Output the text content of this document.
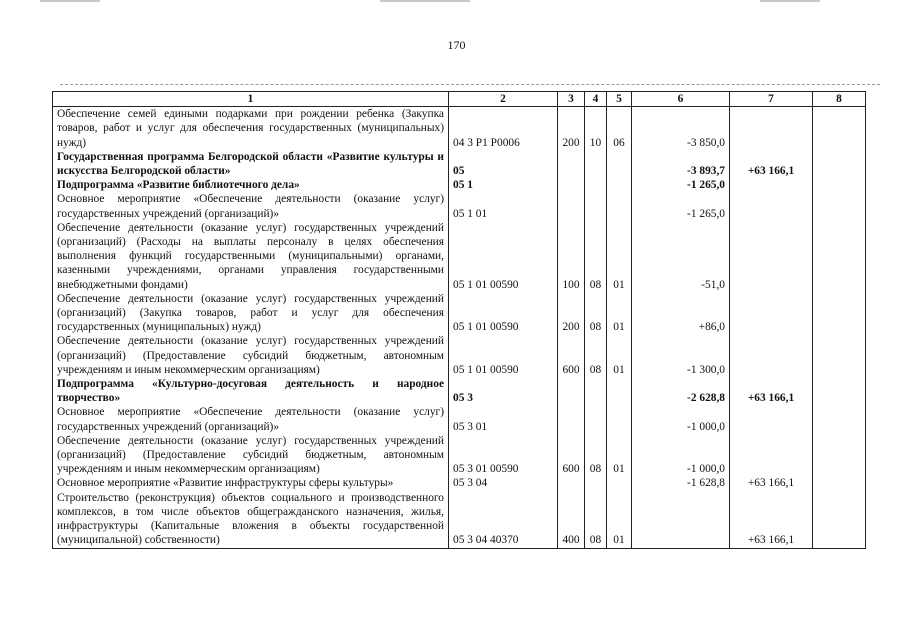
170
1	2	3	4	5	6	7	8
Обеспечение семей едиными подарками при рождении ребенка (Закупка товаров, работ и услуг для обеспечения государственных (муниципальных) нужд)	04 3 P1 P0006	200	10	06	-3 850,0		
Государственная программа Белгородской области «Развитие культуры и искусства Белгородской области»	05				-3 893,7	+63 166,1	
Подпрограмма «Развитие библиотечного дела»	05 1				-1 265,0		
Основное мероприятие «Обеспечение деятельности (оказание услуг) государственных учреждений (организаций)»	05 1 01				-1 265,0		
Обеспечение деятельности (оказание услуг) государственных учреждений (организаций) (Расходы на выплаты персоналу в целях обеспечения выполнения функций государственными (муниципальными) органами, казенными учреждениями, органами управления государственными внебюджетными фондами)	05 1 01 00590	100	08	01	-51,0		
Обеспечение деятельности (оказание услуг) государственных учреждений (организаций) (Закупка товаров, работ и услуг для обеспечения государственных (муниципальных) нужд)	05 1 01 00590	200	08	01	+86,0		
Обеспечение деятельности (оказание услуг) государственных учреждений (организаций) (Предоставление субсидий бюджетным, автономным учреждениям и иным некоммерческим организациям)	05 1 01 00590	600	08	01	-1 300,0		
Подпрограмма «Культурно-досуговая деятельность и народное творчество»	05 3				-2 628,8	+63 166,1	
Основное мероприятие «Обеспечение деятельности (оказание услуг) государственных учреждений (организаций)»	05 3 01				-1 000,0		
Обеспечение деятельности (оказание услуг) государственных учреждений (организаций) (Предоставление субсидий бюджетным, автономным учреждениям и иным некоммерческим организациям)	05 3 01 00590	600	08	01	-1 000,0		
Основное мероприятие «Развитие инфраструктуры сферы культуры»	05 3 04				-1 628,8	+63 166,1	
Строительство (реконструкция) объектов социального и производственного комплексов, в том числе объектов общегражданского назначения, жилья, инфраструктуры (Капитальные вложения в объекты государственной (муниципальной) собственности)	05 3 04 40370	400	08	01		+63 166,1	
